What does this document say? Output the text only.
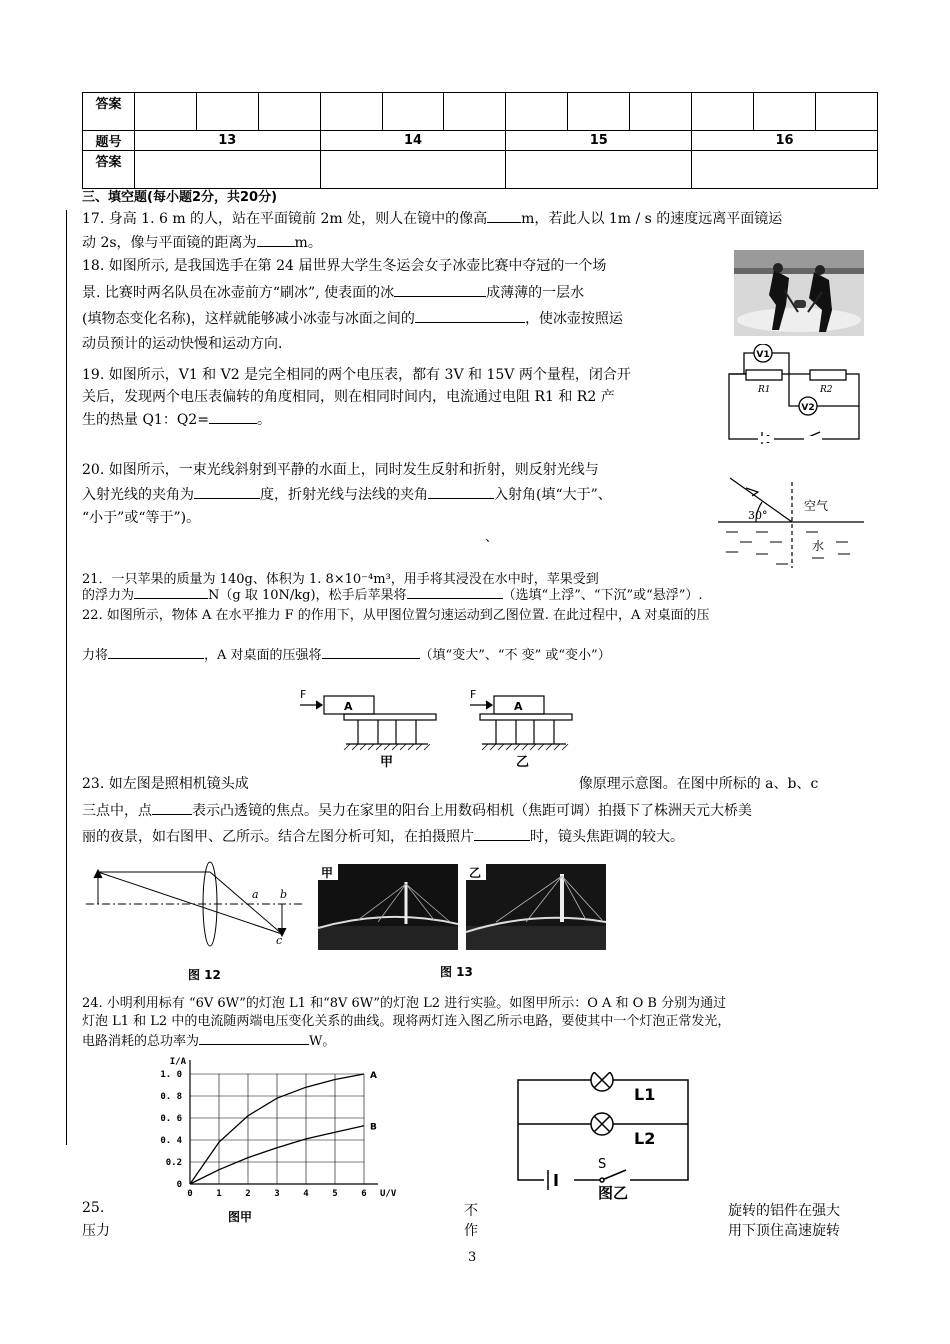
答案												
题号	13			14			15			16		
答案												
三、填空题(每小题2分，共20分)
17. 身高 1. 6 m 的人，站在平面镜前 2m 处，则人在镜中的像高 m，若此人以 1m / s 的速度远离平面镜运
动 2s，像与平面镜的距离为	m。
18. 如图所示, 是我国选手在第 24 届世界大学生冬运会女子冰壶比赛中夺冠的一个场
景. 比赛时两名队员在冰壶前方“刷冰”, 使表面的冰	成薄薄的一层水
(填物态变化名称)，这样就能够减小冰壶与冰面之间的	，使冰壶按照运
动员预计的运动快慢和运动方向.
19. 如图所示，V1 和 V2 是完全相同的两个电压表，都有 3V 和 15V 两个量程，闭合开
关后，发现两个电压表偏转的角度相同，则在相同时间内，电流通过电阻 R1 和 R2 产
生的热量 Q1：Q2=	。
V1
V2
R1	R2
20. 如图所示，一束光线斜射到平静的水面上，同时发生反射和折射，则反射光线与
入射光线的夹角为	度，折射光线与法线的夹角	入射角(填“大于”、
“小于”或“等于”)。
、
30°
空气
水
21．一只苹果的质量为 140g、体积为 1. 8×10⁻⁴m³，用手将其浸没在水中时，苹果受到
的浮力为	N（g 取 10N/kg)，松手后苹果将	（选填“上浮”、“下沉”或“悬浮”）.
22. 如图所示，物体 A 在水平推力 F 的作用下，从甲图位置匀速运动到乙图位置. 在此过程中，A 对桌面的压
力将	，A 对桌面的压强将	（填“变大”、“不 变” 或“变小”）
F
A
甲
F
A
乙
23. 如左图是照相机镜头成	像原理示意图。在图中所标的 a、b、c
三点中，点	表示凸透镜的焦点。吴力在家里的阳台上用数码相机（焦距可调）拍摄下了株洲天元大桥美
丽的夜景，如右图甲、乙所示。结合左图分析可知，在拍摄照片	时，镜头焦距调的较大。
a b
c
图 12
甲	乙
图 13
24. 小明利用标有 “6V 6W”的灯泡 L1 和“8V 6W”的灯泡 L2 进行实验。如图甲所示：O A 和 O B 分别为通过
灯泡 L1 和 L2 中的电流随两端电压变化关系的曲线。现将两灯连入图乙所示电路，要使其中一个灯泡正常发光，
电路消耗的总功率为	W。
0	1	2	3	4	5	6
0
0.2
0. 4
0. 6
0. 8
1. 0
U/V
I/A
A
B
图甲
L1
L2
S
图乙
25.	不	旋转的铝件在强大
压力	作	用下顶住高速旋转
3
